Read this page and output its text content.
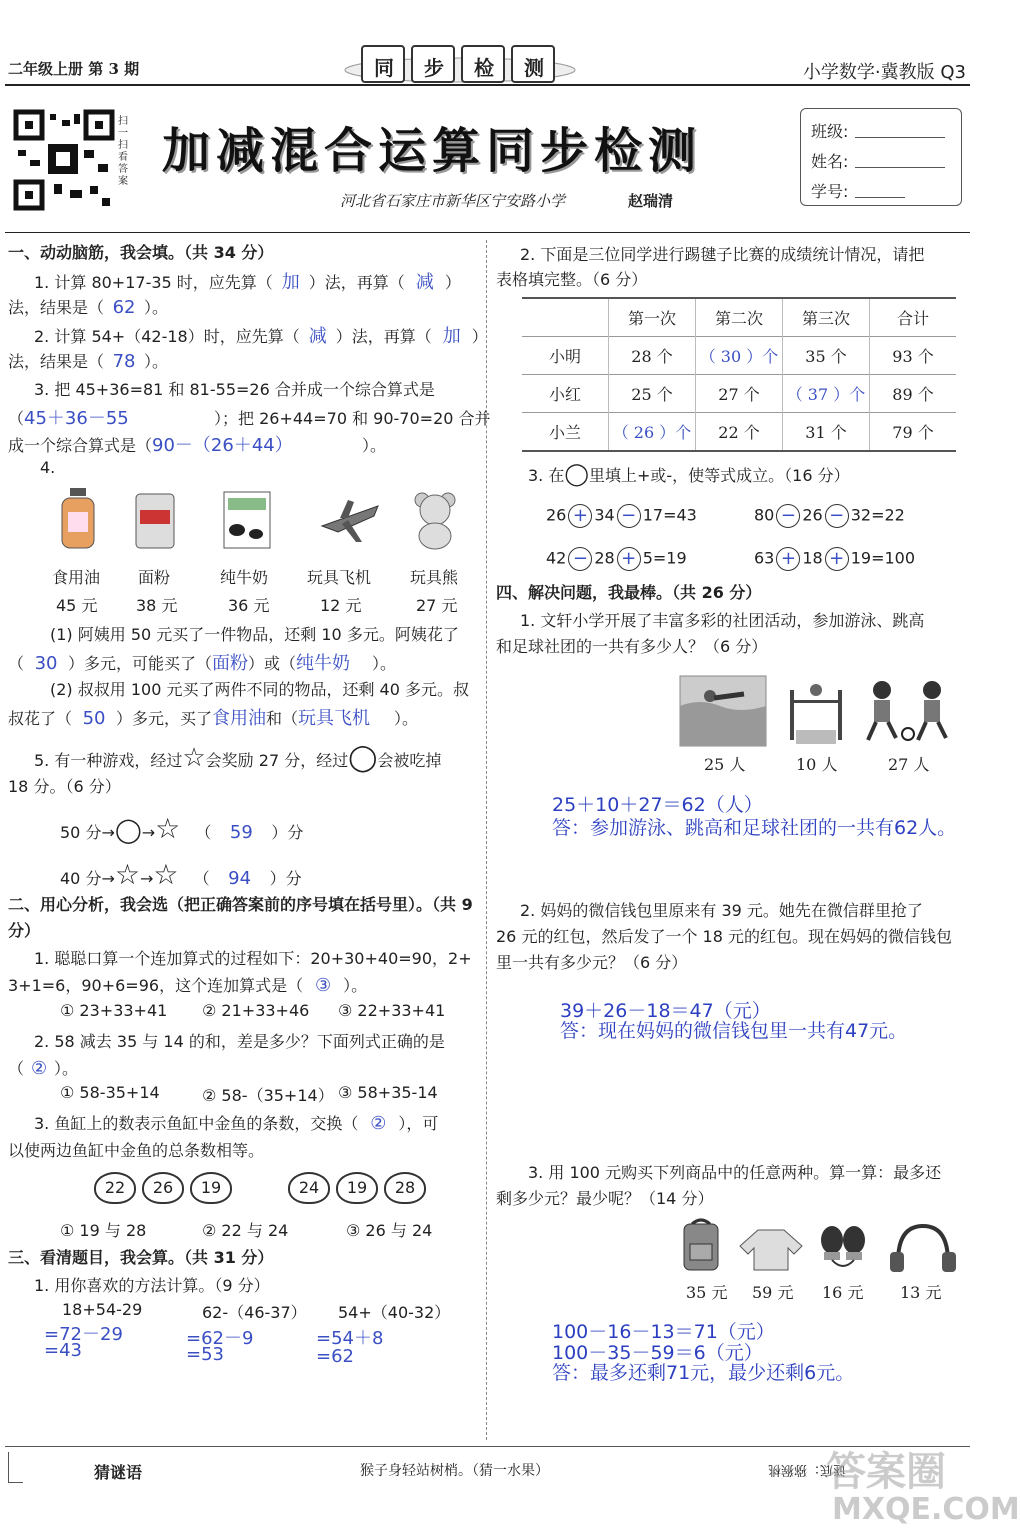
二年级上册 第 3 期	同 步 检 测	小学数学·冀教版 Q3
扫一扫 看答案
加减混合运算同步检测
河北省石家庄市新华区宁安路小学	赵瑞清
班级:
姓名:
学号:
一、动动脑筋，我会填。（共 34 分）
1. 计算 80+17-35 时，应先算（ 加 ）法，再算（ 减 ）
法，结果是（ 62 ）。
2. 计算 54+（42-18）时，应先算（ 减 ）法，再算（ 加 ）
法，结果是（ 78 ）。
3. 把 45+36=81 和 81-55=26 合并成一个综合算式是
（45＋36－55	）；把 26+44=70 和 90-70=20 合并
成一个综合算式是（90－（26＋44）	）。
4.
食用油 面粉	纯牛奶 玩具飞机 玩具熊
45 元 38 元	36 元	12 元	27 元
(1) 阿姨用 50 元买了一件物品，还剩 10 多元。阿姨花了
（ 30 ）多元，可能买了（面粉）或（纯牛奶 ）。
(2) 叔叔用 100 元买了两件不同的物品，还剩 40 多元。叔
叔花了（ 50 ）多元，买了食用油和（玩具飞机 ）。
5. 有一种游戏，经过☆会奖励 27 分，经过◯会被吃掉
18 分。（6 分）
50 分→◯→☆ （ 59 ）分
40 分→☆→☆ （ 94 ）分
二、用心分析，我会选（把正确答案前的序号填在括号里）。（共 9
分）
1. 聪聪口算一个连加算式的过程如下：20+30+40=90，2+
3+1=6，90+6=96，这个连加算式是（ ③ ）。
① 23+33+41 ② 21+33+46 ③ 22+33+41
2. 58 减去 35 与 14 的和，差是多少？下面列式正确的是
（ ② ）。
① 58-35+14	② 58-（35+14） ③ 58+35-14
3. 鱼缸上的数表示鱼缸中金鱼的条数，交换（ ② ），可
以使两边鱼缸中金鱼的总条数相等。
22 26 19	24 19 28
① 19 与 28	② 22 与 24	③ 26 与 24
三、看清题目，我会算。（共 31 分）
1. 用你喜欢的方法计算。（9 分）
18+54-29	62-（46-37） 54+（40-32）
=72－29	=62－9	=54＋8
=43	=53	=62
2. 下面是三位同学进行踢毽子比赛的成绩统计情况，请把
表格填完整。（6 分）
	第一次	第二次	第三次	合计
小明	28 个	（ 30 ）个	35 个	93 个
小红	25 个	27 个	（ 37 ）个	89 个
小兰	（ 26 ）个	22 个	31 个	79 个
3. 在◯里填上+或-，使等式成立。（16 分）
26 + 34 − 17=43	80 − 26 − 32=22
42 − 28 + 5=19	63 + 18 + 19=100
四、解决问题，我最棒。（共 26 分）
1. 文轩小学开展了丰富多彩的社团活动，参加游泳、跳高
和足球社团的一共有多少人？（6 分）
25 人	10 人	27 人
25＋10＋27＝62（人）
答：参加游泳、跳高和足球社团的一共有62人。
2. 妈妈的微信钱包里原来有 39 元。她先在微信群里抢了
26 元的红包，然后发了一个 18 元的红包。现在妈妈的微信钱包
里一共有多少元？（6 分）
39＋26－18＝47（元）
答：现在妈妈的微信钱包里一共有47元。
3. 用 100 元购买下列商品中的任意两种。算一算：最多还
剩多少元？最少呢？（14 分）
35 元 59 元 16 元 13 元
100－16－13＝71（元）
100－35－59＝6（元）
答：最多还剩71元，最少还剩6元。
猜谜语	猴子身轻站树梢。（猜一水果）	谜底：猕猴桃
答案圈
MXQE.COM
